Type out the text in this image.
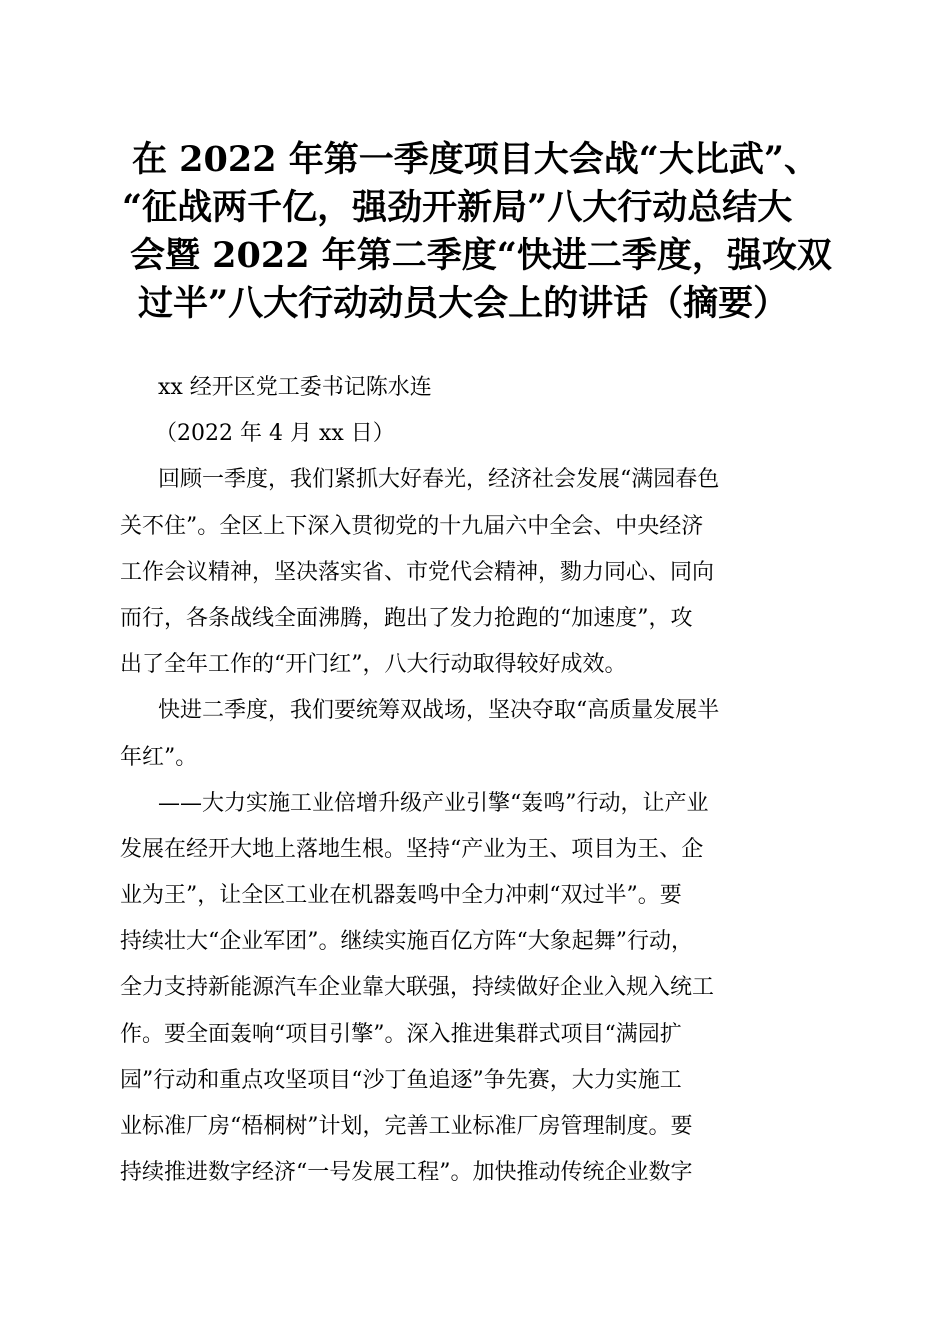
在 2022 年第一季度项目大会战“大比武”、
“征战两千亿，强劲开新局”八大行动总结大
会暨 2022 年第二季度“快进二季度，强攻双
过半”八大行动动员大会上的讲话（摘要）
xx 经开区党工委书记陈水连
（2022 年 4 月 xx 日）
回顾一季度，我们紧抓大好春光，经济社会发展“满园春色
关不住”。全区上下深入贯彻党的十九届六中全会、中央经济
工作会议精神，坚决落实省、市党代会精神，勠力同心、同向
而行，各条战线全面沸腾，跑出了发力抢跑的“加速度”，攻
出了全年工作的“开门红”，八大行动取得较好成效。
快进二季度，我们要统筹双战场，坚决夺取“高质量发展半
年红”。
——大力实施工业倍增升级产业引擎“轰鸣”行动，让产业
发展在经开大地上落地生根。坚持“产业为王、项目为王、企
业为王”，让全区工业在机器轰鸣中全力冲刺“双过半”。要
持续壮大“企业军团”。继续实施百亿方阵“大象起舞”行动，
全力支持新能源汽车企业靠大联强，持续做好企业入规入统工
作。要全面轰响“项目引擎”。深入推进集群式项目“满园扩
园”行动和重点攻坚项目“沙丁鱼追逐”争先赛，大力实施工
业标准厂房“梧桐树”计划，完善工业标准厂房管理制度。要
持续推进数字经济“一号发展工程”。加快推动传统企业数字
